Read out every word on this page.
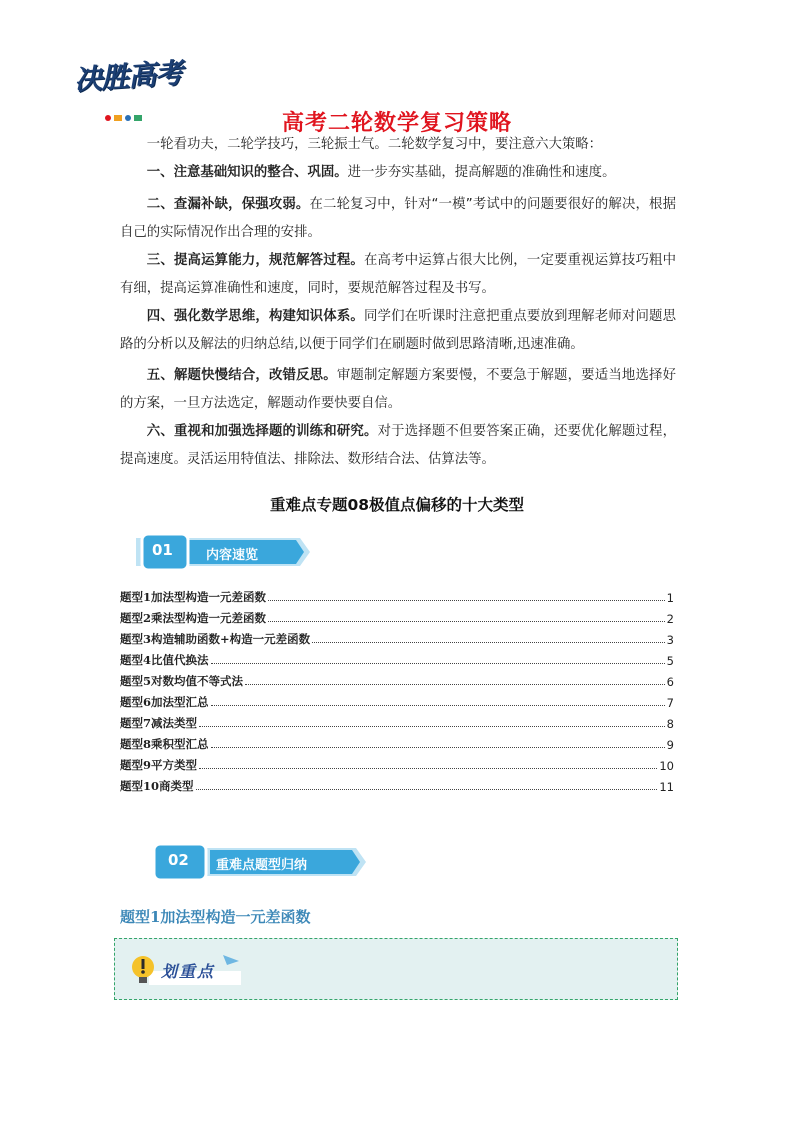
决胜高考
高考二轮数学复习策略
一轮看功夫，二轮学技巧，三轮振士气。二轮数学复习中，要注意六大策略：
一、注意基础知识的整合、巩固。进一步夯实基础，提高解题的准确性和速度。
二、查漏补缺，保强攻弱。在二轮复习中，针对“一模”考试中的问题要很好的解决，根据自己的实际情况作出合理的安排。
三、提高运算能力，规范解答过程。在高考中运算占很大比例，一定要重视运算技巧粗中有细，提高运算准确性和速度，同时，要规范解答过程及书写。
四、强化数学思维，构建知识体系。同学们在听课时注意把重点要放到理解老师对问题思路的分析以及解法的归纳总结,以便于同学们在刷题时做到思路清晰,迅速准确。
五、解题快慢结合，改错反思。审题制定解题方案要慢，不要急于解题，要适当地选择好的方案，一旦方法选定，解题动作要快要自信。
六、重视和加强选择题的训练和研究。对于选择题不但要答案正确，还要优化解题过程，提高速度。灵活运用特值法、排除法、数形结合法、估算法等。
重难点专题08极值点偏移的十大类型
01	内容速览
题型1加法型构造一元差函数	1
题型2乘法型构造一元差函数	2
题型3构造辅助函数+构造一元差函数	3
题型4比值代换法	5
题型5对数均值不等式法	6
题型6加法型汇总	7
题型7减法类型	8
题型8乘积型汇总	9
题型9平方类型	10
题型10商类型	11
02 重难点题型归纳
题型1加法型构造一元差函数
划重点
